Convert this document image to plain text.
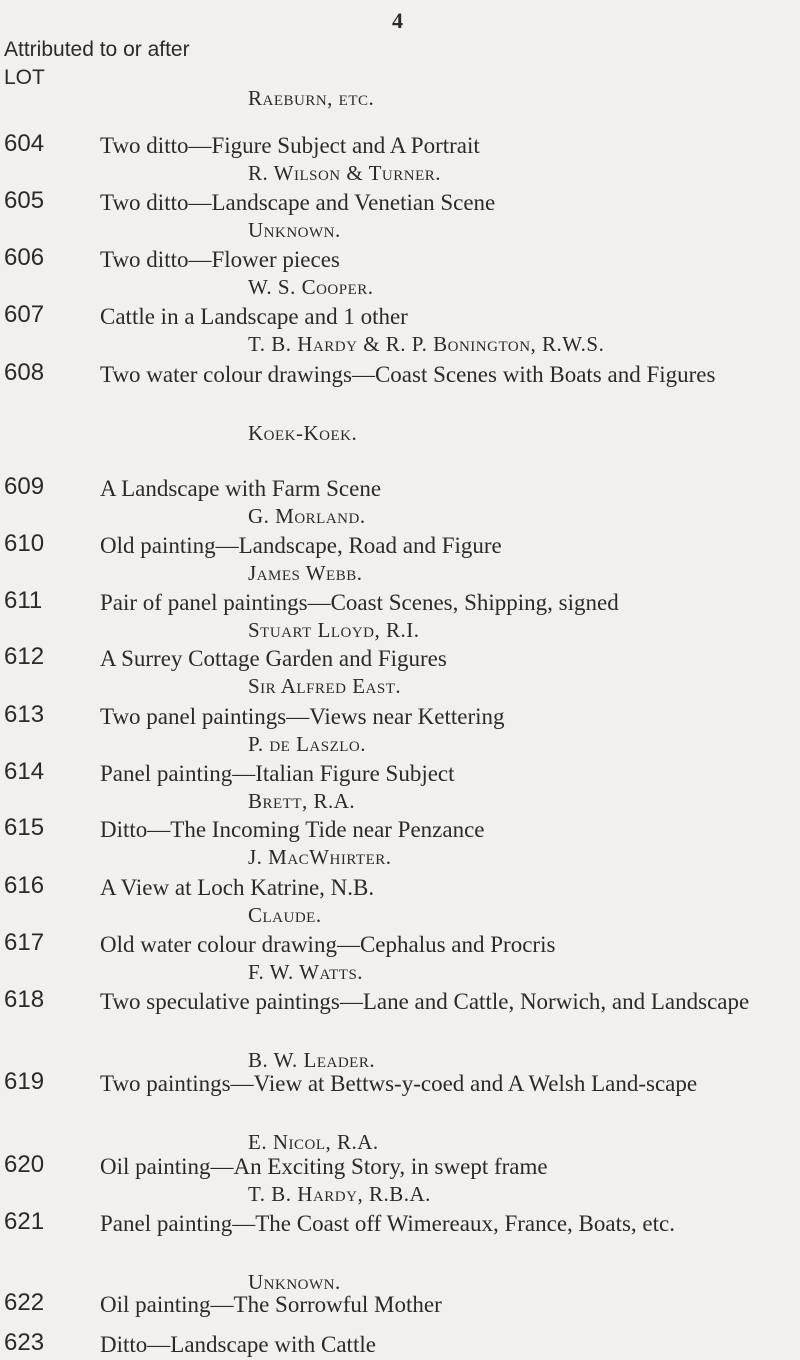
4
Attributed to or after
LOT
Raeburn, etc.
604 Two ditto—Figure Subject and A Portrait
R. Wilson & Turner.
605 Two ditto—Landscape and Venetian Scene
Unknown.
606 Two ditto—Flower pieces
W. S. Cooper.
607 Cattle in a Landscape and 1 other
T. B. Hardy & R. P. Bonington, R.W.S.
608 Two water colour drawings—Coast Scenes with Boats and Figures
Koek-Koek.
609 A Landscape with Farm Scene
G. Morland.
610 Old painting—Landscape, Road and Figure
James Webb.
611	Pair of panel paintings—Coast Scenes, Shipping, signed
Stuart Lloyd, R.I.
612 A Surrey Cottage Garden and Figures
Sir Alfred East.
613 Two panel paintings—Views near Kettering
P. de Laszlo.
614 Panel painting—Italian Figure Subject
Brett, R.A.
615 Ditto—The Incoming Tide near Penzance
J. MacWhirter.
616 A View at Loch Katrine, N.B.
Claude.
617 Old water colour drawing—Cephalus and Procris
F. W. Watts.
618 Two speculative paintings—Lane and Cattle, Norwich, and Landscape
B. W. Leader.
619 Two paintings—View at Bettws-y-coed and A Welsh Land-scape
E. Nicol, R.A.
620 Oil painting—An Exciting Story, in swept frame
T. B. Hardy, R.B.A.
621 Panel painting—The Coast off Wimereaux, France, Boats, etc.
Unknown.
622 Oil painting—The Sorrowful Mother
623 Ditto—Landscape with Cattle
